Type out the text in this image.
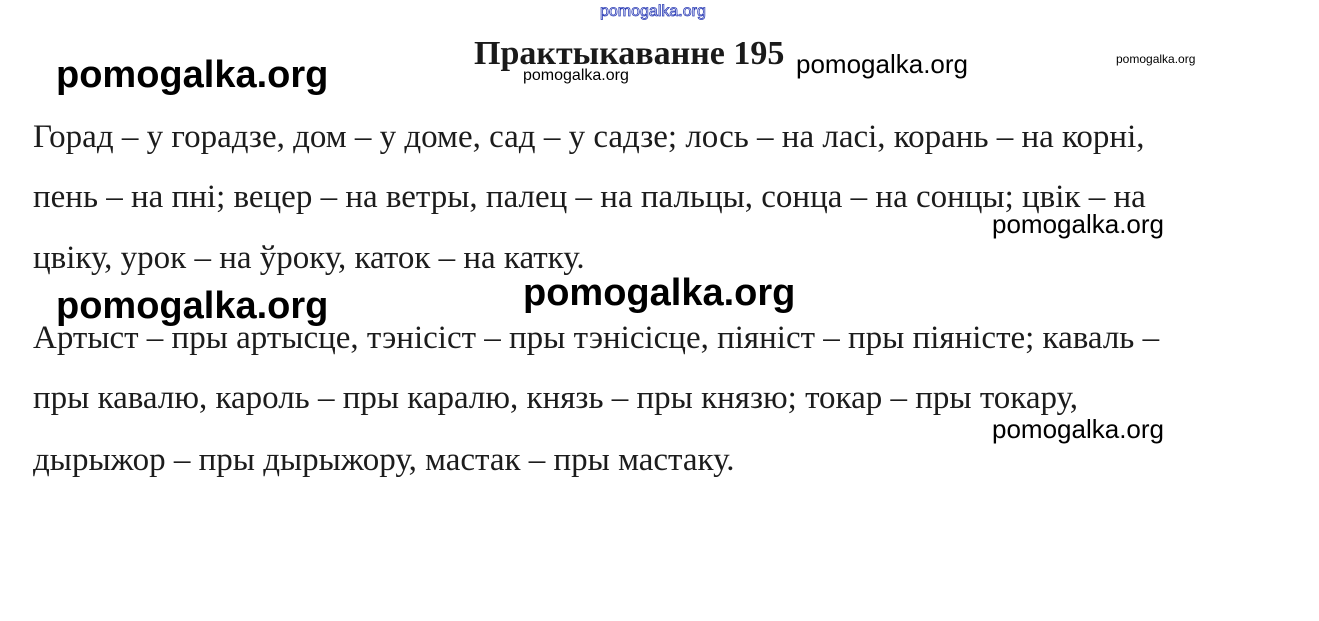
pomogalka.org
Практыкаванне 195
pomogalka.org	pomogalka.org
pomogalka.org
pomogalka.org
Горад – у горадзе, дом – у доме, сад – у садзе; лось – на ласі, корань – на корні,
пень – на пні; вецер – на ветры, палец – на пальцы, сонца – на сонцы; цвік – на
цвіку, урок – на ўроку, каток – на катку.
pomogalka.org
pomogalka.org	pomogalka.org
Артыст – пры артысце, тэнісіст – пры тэнісісце, піяніст – пры піяністе; каваль –
пры кавалю, кароль – пры каралю, князь – пры князю; токар – пры токару,
дырыжор – пры дырыжору, мастак – пры мастаку.
pomogalka.org
pomogalka.org
